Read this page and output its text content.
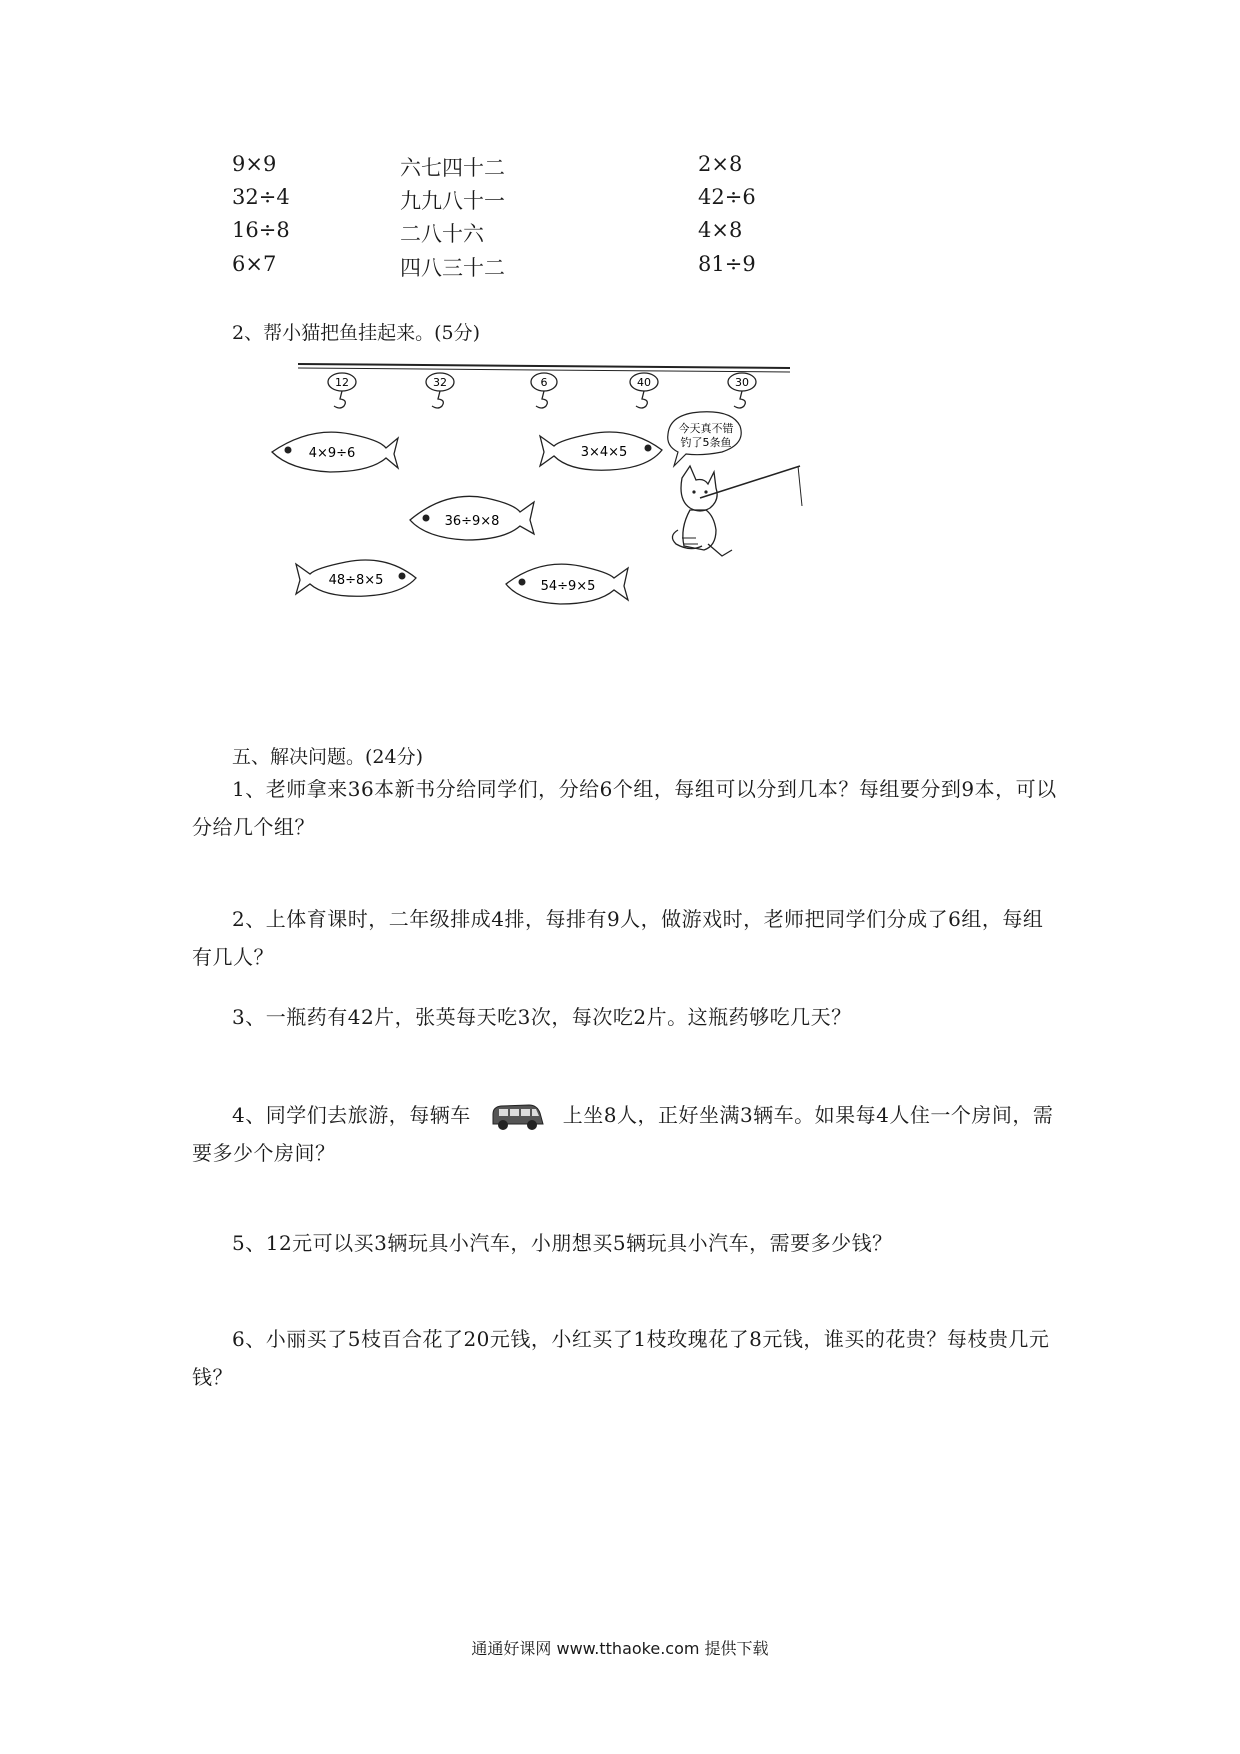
9×9	六七四十二	2×8
32÷4	九九八十一	42÷6
16÷8	二八十六	4×8
6×7	四八三十二	81÷9
2、帮小猫把鱼挂起来。(5分)
12	32	6	40	30
4×9÷6	3×4×5
36÷9×8
48÷8×5	54÷9×5
今天真不错
钓了5条鱼
五、解决问题。(24分)
1、老师拿来36本新书分给同学们，分给6个组，每组可以分到几本？每组要分到9本，可以分给几个组？
2、上体育课时，二年级排成4排，每排有9人，做游戏时，老师把同学们分成了6组，每组有几人？
3、一瓶药有42片，张英每天吃3次，每次吃2片。这瓶药够吃几天？
4、同学们去旅游，每辆车	上坐8人，正好坐满3辆车。如果每4人住一个房间，需要多少个房间？
5、12元可以买3辆玩具小汽车，小朋想买5辆玩具小汽车，需要多少钱？
6、小丽买了5枝百合花了20元钱，小红买了1枝玫瑰花了8元钱，谁买的花贵？每枝贵几元钱？
通通好课网 www.tthaoke.com 提供下载
